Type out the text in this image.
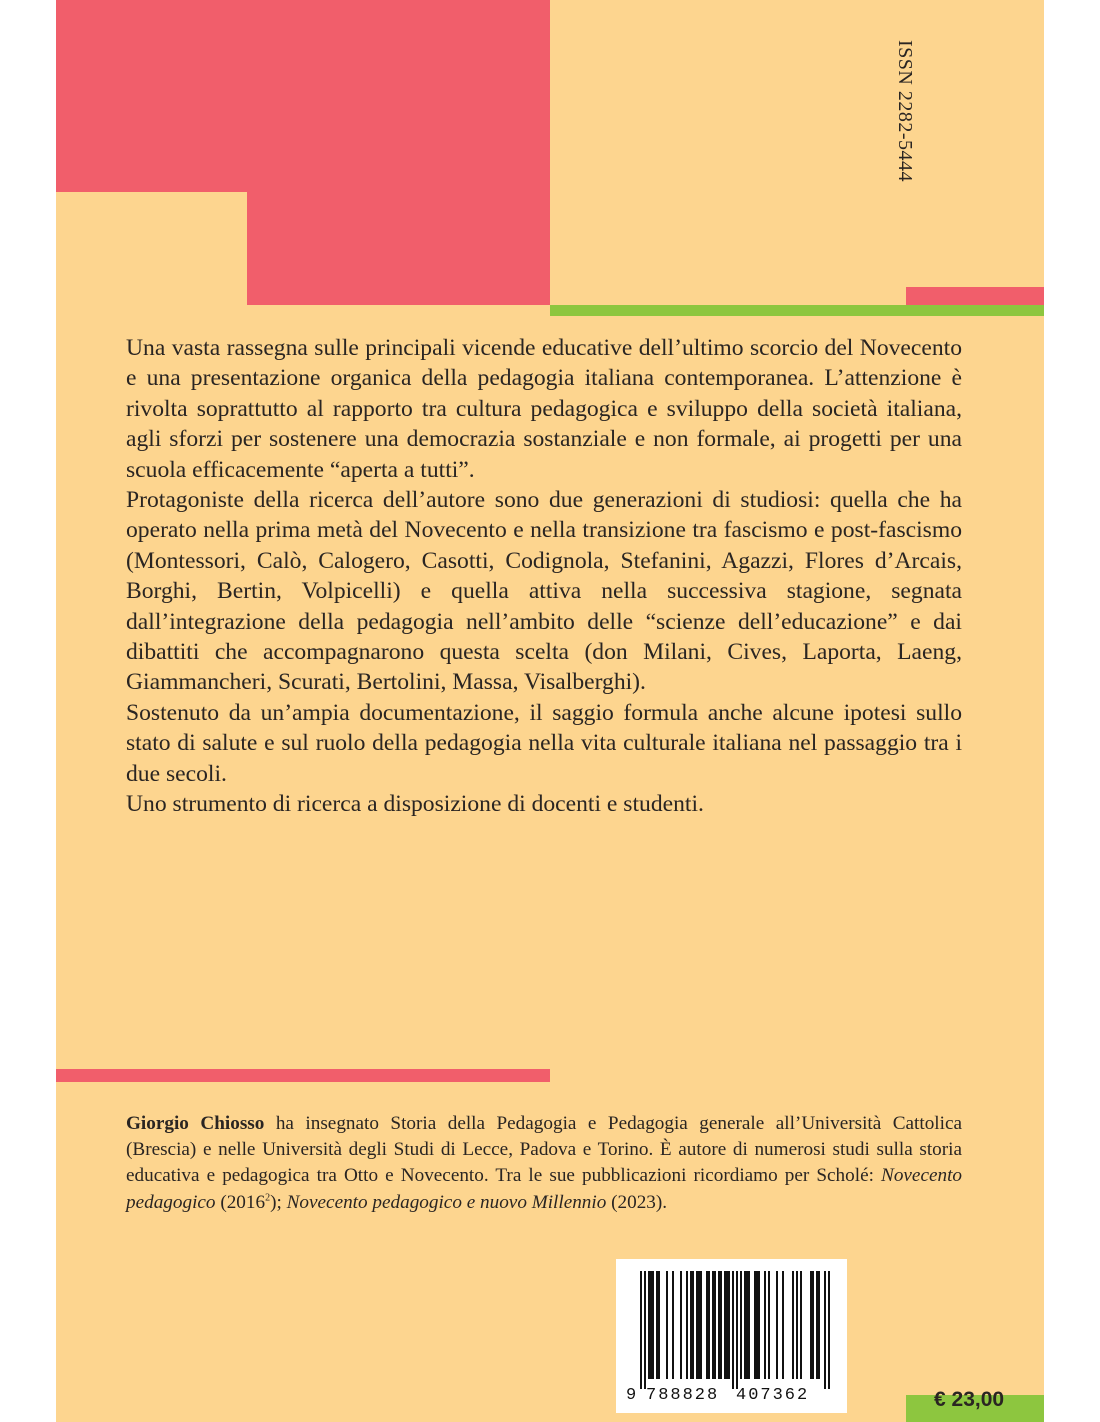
ISSN 2282-5444

Una vasta rassegna sulle principali vicende educative dell’ultimo scorcio del Novecento e una presentazione organica della pedagogia italiana contemporanea. L’attenzione è rivolta soprattutto al rapporto tra cultura pedagogica e sviluppo della società italiana, agli sforzi per sostenere una democrazia sostanziale e non formale, ai progetti per una scuola efficacemente “aperta a tutti”.

Protagoniste della ricerca dell’autore sono due generazioni di studiosi: quella che ha operato nella prima metà del Novecento e nella transizione tra fascismo e post-fascismo (Montessori, Calò, Calogero, Casotti, Codignola, Stefanini, Agazzi, Flores d’Arcais, Borghi, Bertin, Volpicelli) e quella attiva nella successiva stagione, segnata dall’integrazione della pedagogia nell’ambito delle “scienze dell’educazione” e dai dibattiti che accompagnarono questa scelta (don Milani, Cives, Laporta, Laeng, Giammancheri, Scurati, Bertolini, Massa, Visalberghi).

Sostenuto da un’ampia documentazione, il saggio formula anche alcune ipotesi sullo stato di salute e sul ruolo della pedagogia nella vita culturale italiana nel passaggio tra i due secoli.

Uno strumento di ricerca a disposizione di docenti e studenti.

Giorgio Chiosso ha insegnato Storia della Pedagogia e Pedagogia generale all’Università Cattolica (Brescia) e nelle Università degli Studi di Lecce, Padova e Torino. È autore di numerosi studi sulla storia educativa e pedagogica tra Otto e Novecento. Tra le sue pubblicazioni ricordiamo per Scholé: Novecento pedagogico (2016$^2$); Novecento pedagogico e nuovo Millennio (2023).
9 788828 407362	€ 23,00
